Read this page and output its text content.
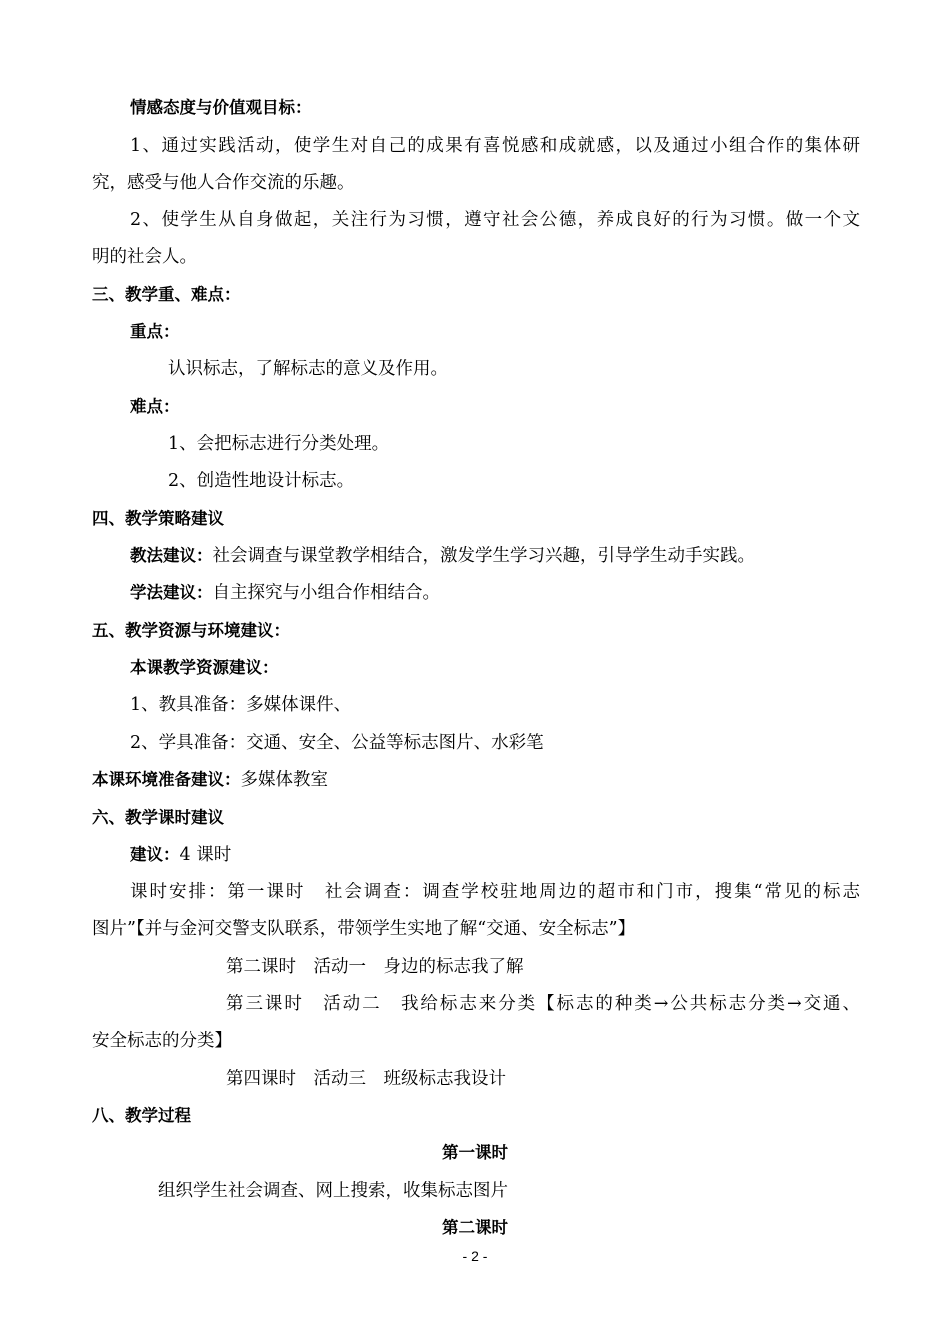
情感态度与价值观目标：
1、通过实践活动，使学生对自己的成果有喜悦感和成就感，以及通过小组合作的集体研
究，感受与他人合作交流的乐趣。
2、使学生从自身做起，关注行为习惯，遵守社会公德，养成良好的行为习惯。做一个文
明的社会人。
三、教学重、难点：
重点：
认识标志，了解标志的意义及作用。
难点：
1、会把标志进行分类处理。
2、创造性地设计标志。
四、教学策略建议
教法建议：社会调查与课堂教学相结合，激发学生学习兴趣，引导学生动手实践。
学法建议：自主探究与小组合作相结合。
五、教学资源与环境建议：
本课教学资源建议：
1、教具准备：多媒体课件、
2、学具准备：交通、安全、公益等标志图片、水彩笔
本课环境准备建议：多媒体教室
六、教学课时建议
建议：4 课时
课时安排：第一课时　社会调查：调查学校驻地周边的超市和门市，搜集“常见的标志
图片”【并与金河交警支队联系，带领学生实地了解“交通、安全标志”】
第二课时　活动一　身边的标志我了解
第三课时　活动二　我给标志来分类【标志的种类→公共标志分类→交通、
安全标志的分类】
第四课时　活动三　班级标志我设计
八、教学过程
第一课时
组织学生社会调查、网上搜索，收集标志图片
第二课时
- 2 -
